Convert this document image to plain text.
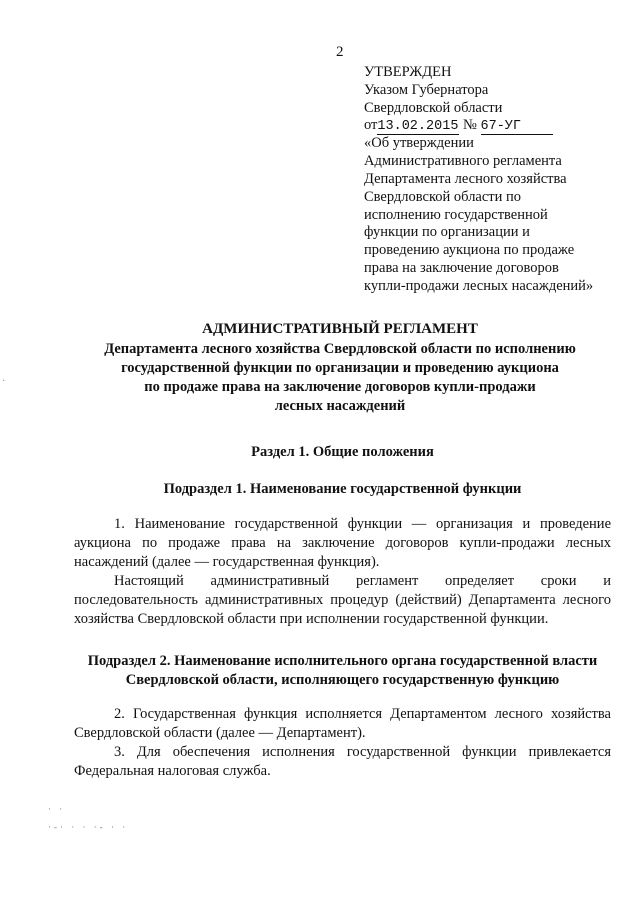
2
УТВЕРЖДЕН
Указом Губернатора
Свердловской области
от13.02.2015 № 67-УГ
«Об утверждении
Административного регламента
Департамента лесного хозяйства
Свердловской области по
исполнению государственной
функции по организации и
проведению аукциона по продаже
права на заключение договоров
купли-продажи лесных насаждений»
АДМИНИСТРАТИВНЫЙ РЕГЛАМЕНТ
Департамента лесного хозяйства Свердловской области по исполнению
государственной функции по организации и проведению аукциона
по продаже права на заключение договоров купли-продажи
лесных насаждений
Раздел 1. Общие положения
Подраздел 1. Наименование государственной функции
1. Наименование государственной функции — организация и проведение аукциона по продаже права на заключение договоров купли-продажи лесных насаждений (далее — государственная функция).
Настоящий административный регламент определяет сроки и последовательность административных процедур (действий) Департамента лесного хозяйства Свердловской области при исполнении государственной функции.
Подраздел 2. Наименование исполнительного органа государственной власти
Свердловской области, исполняющего государственную функцию
2. Государственная функция исполняется Департаментом лесного хозяйства Свердловской области (далее — Департамент).
3. Для обеспечения исполнения государственной функции привлекается Федеральная налоговая служба.
· ·
·-· · · ·- · ·
·
